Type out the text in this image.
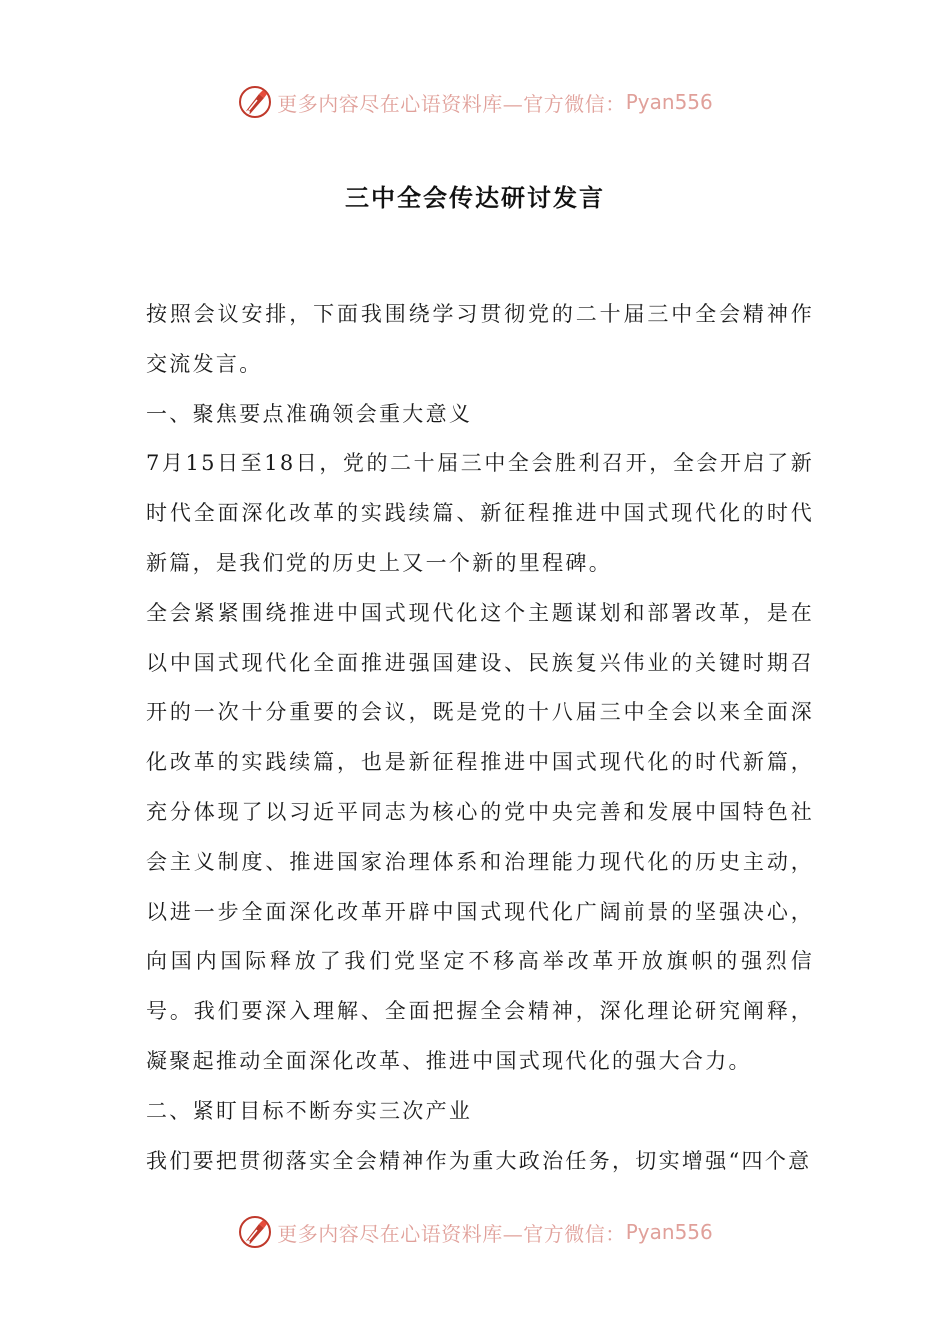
更多内容尽在心语资料库—官方微信： Pyan556
三中全会传达研讨发言

按照会议安排，下面我围绕学习贯彻党的二十届三中全会精神作交流发言。

一、聚焦要点准确领会重大意义

7月15日至18日，党的二十届三中全会胜利召开，全会开启了新时代全面深化改革的实践续篇、新征程推进中国式现代化的时代新篇，是我们党的历史上又一个新的里程碑。

全会紧紧围绕推进中国式现代化这个主题谋划和部署改革，是在以中国式现代化全面推进强国建设、民族复兴伟业的关键时期召开的一次十分重要的会议，既是党的十八届三中全会以来全面深化改革的实践续篇，也是新征程推进中国式现代化的时代新篇，充分体现了以习近平同志为核心的党中央完善和发展中国特色社会主义制度、推进国家治理体系和治理能力现代化的历史主动，以进一步全面深化改革开辟中国式现代化广阔前景的坚强决心，向国内国际释放了我们党坚定不移高举改革开放旗帜的强烈信号。我们要深入理解、全面把握全会精神，深化理论研究阐释，凝聚起推动全面深化改革、推进中国式现代化的强大合力。

二、紧盯目标不断夯实三次产业

我们要把贯彻落实全会精神作为重大政治任务，切实增强“四个意

更多内容尽在心语资料库—官方微信： Pyan556
